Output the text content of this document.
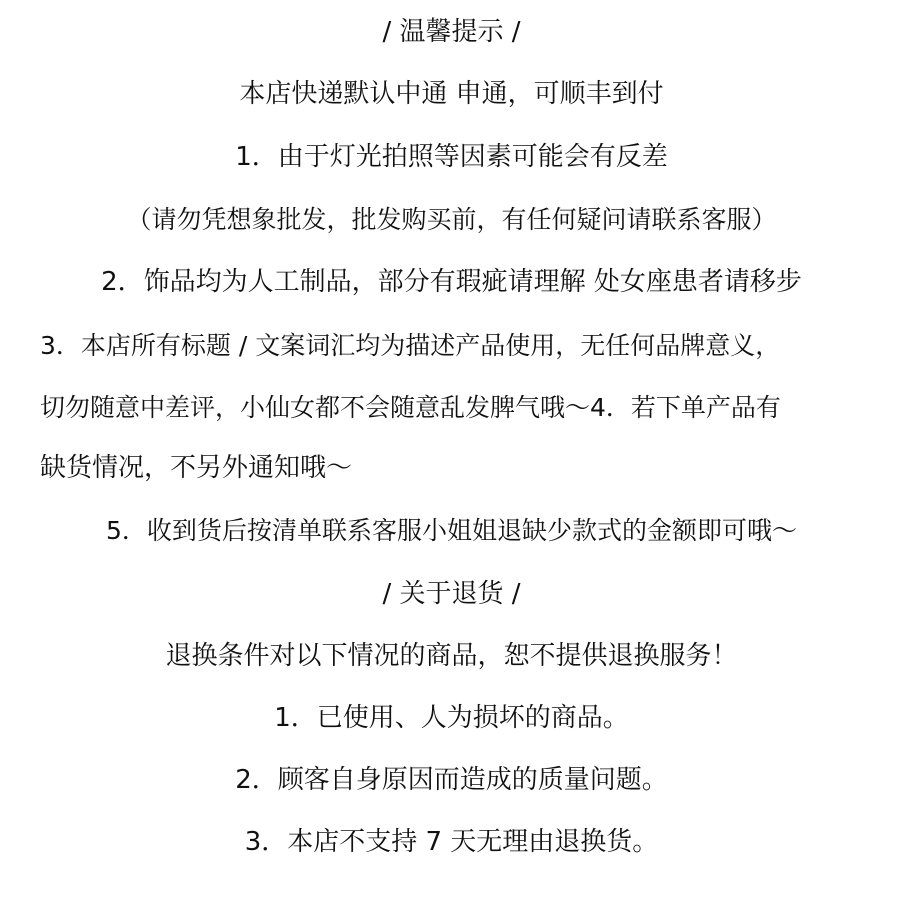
/ 温馨提示 /
本店快递默认中通 申通，可顺丰到付
1．由于灯光拍照等因素可能会有反差
（请勿凭想象批发，批发购买前，有任何疑问请联系客服）
2．饰品均为人工制品，部分有瑕疵请理解 处女座患者请移步
3．本店所有标题 / 文案词汇均为描述产品使用，无任何品牌意义，
切勿随意中差评，小仙女都不会随意乱发脾气哦～4．若下单产品有
缺货情况，不另外通知哦～
5．收到货后按清单联系客服小姐姐退缺少款式的金额即可哦～
/ 关于退货 /
退换条件对以下情况的商品，恕不提供退换服务！
1．已使用、人为损坏的商品。
2．顾客自身原因而造成的质量问题。
3．本店不支持 7 天无理由退换货。
